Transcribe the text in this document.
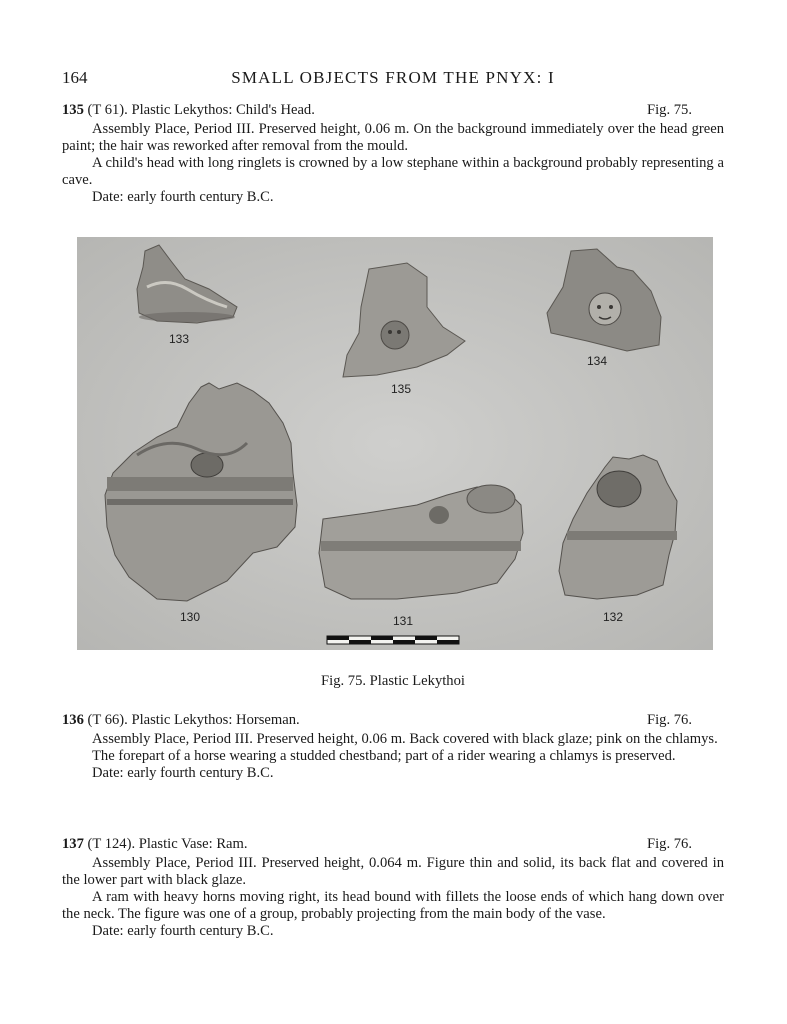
SMALL OBJECTS FROM THE PNYX: I
164
135 (T 61). Plastic Lekythos: Child's Head.	Fig. 75.

Assembly Place, Period III. Preserved height, 0.06 m. On the background immediately over the head green paint; the hair was reworked after removal from the mould.

A child's head with long ringlets is crowned by a low stephane within a background probably representing a cave.

Date: early fourth century B.C.

133
135
134
130	131	132
Fig. 75. Plastic Lekythoi
136 (T 66). Plastic Lekythos: Horseman.	Fig. 76.

Assembly Place, Period III. Preserved height, 0.06 m. Back covered with black glaze; pink on the chlamys.

The forepart of a horse wearing a studded chestband; part of a rider wearing a chlamys is preserved.

Date: early fourth century B.C.

137 (T 124). Plastic Vase: Ram.	Fig. 76.

Assembly Place, Period III. Preserved height, 0.064 m. Figure thin and solid, its back flat and covered in the lower part with black glaze.

A ram with heavy horns moving right, its head bound with fillets the loose ends of which hang down over the neck. The figure was one of a group, probably projecting from the main body of the vase.

Date: early fourth century B.C.
